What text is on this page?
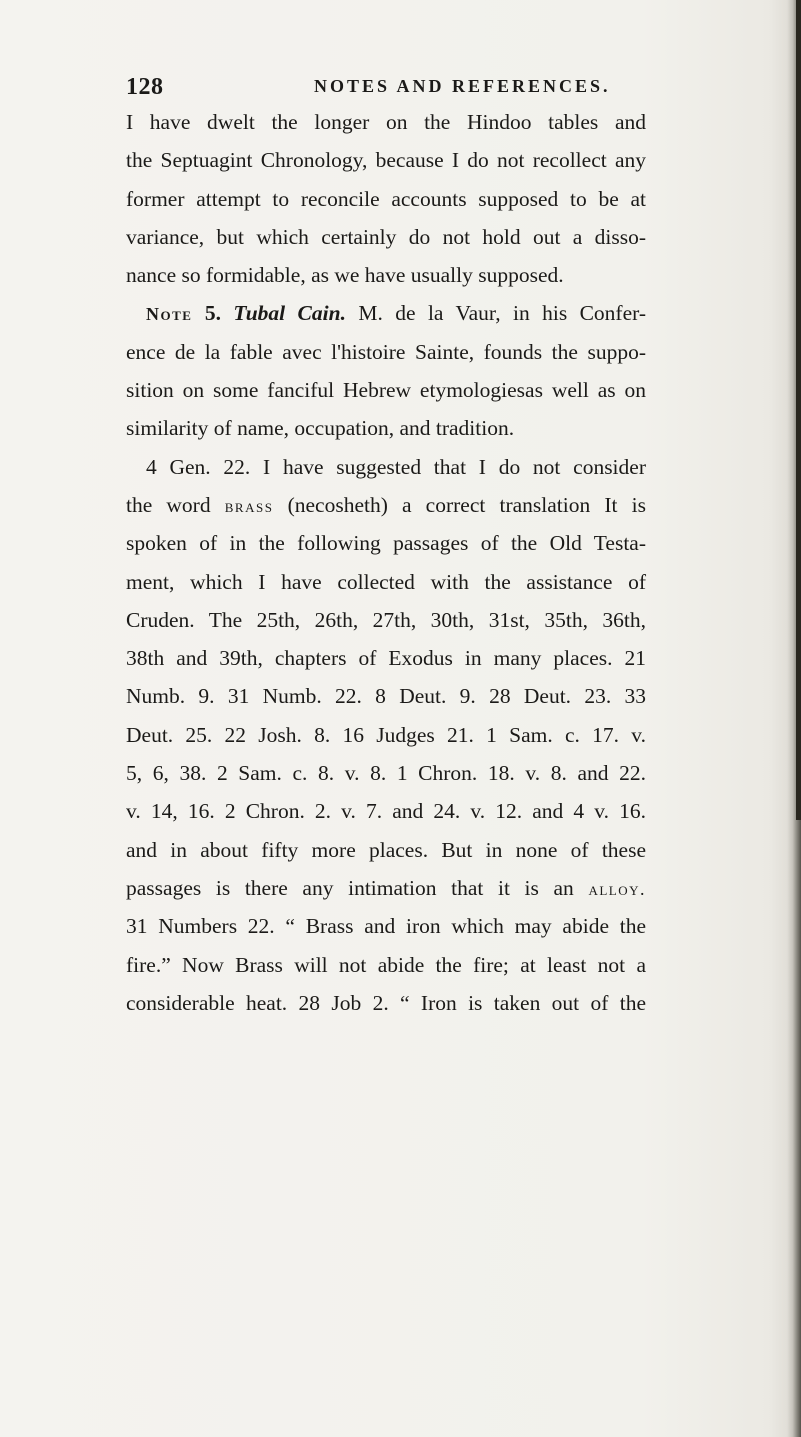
128	NOTES AND REFERENCES.
I have dwelt the longer on the Hindoo tables and
the Septuagint Chronology, because I do not recollect any
former attempt to reconcile accounts supposed to be at
variance, but which certainly do not hold out a disso-
nance so formidable, as we have usually supposed.
Note 5. Tubal Cain. M. de la Vaur, in his Confer-
ence de la fable avec l'histoire Sainte, founds the suppo-
sition on some fanciful Hebrew etymologiesas well as on
similarity of name, occupation, and tradition.
4 Gen. 22. I have suggested that I do not consider
the word brass (necosheth) a correct translation It is
spoken of in the following passages of the Old Testa-
ment, which I have collected with the assistance of
Cruden. The 25th, 26th, 27th, 30th, 31st, 35th, 36th,
38th and 39th, chapters of Exodus in many places. 21
Numb. 9. 31 Numb. 22. 8 Deut. 9. 28 Deut. 23. 33
Deut. 25. 22 Josh. 8. 16 Judges 21. 1 Sam. c. 17. v.
5, 6, 38. 2 Sam. c. 8. v. 8. 1 Chron. 18. v. 8. and 22.
v. 14, 16. 2 Chron. 2. v. 7. and 24. v. 12. and 4 v. 16.
and in about fifty more places. But in none of these
passages is there any intimation that it is an alloy.
31 Numbers 22. “ Brass and iron which may abide the
fire.” Now Brass will not abide the fire; at least not a
considerable heat. 28 Job 2. “ Iron is taken out of the
